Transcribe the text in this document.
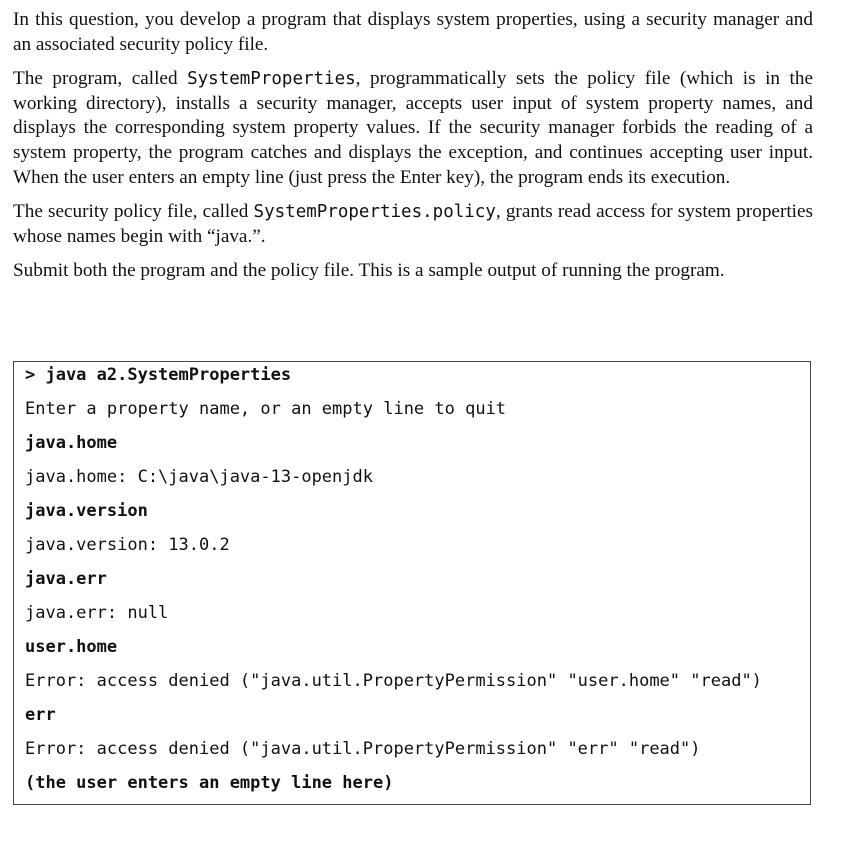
In this question, you develop a program that displays system properties, using a security manager and an associated security policy file.

The program, called SystemProperties, programmatically sets the policy file (which is in the working directory), installs a security manager, accepts user input of system property names, and displays the corresponding system property values. If the security manager forbids the reading of a system property, the program catches and displays the exception, and continues accepting user input. When the user enters an empty line (just press the Enter key), the program ends its execution.

The security policy file, called SystemProperties.policy, grants read access for system properties whose names begin with “java.”.

Submit both the program and the policy file. This is a sample output of running the program.

> java a2.SystemProperties
Enter a property name, or an empty line to quit
java.home
java.home: C:\java\java-13-openjdk
java.version
java.version: 13.0.2
java.err
java.err: null
user.home
Error: access denied ("java.util.PropertyPermission" "user.home" "read")
err
Error: access denied ("java.util.PropertyPermission" "err" "read")
(the user enters an empty line here)
